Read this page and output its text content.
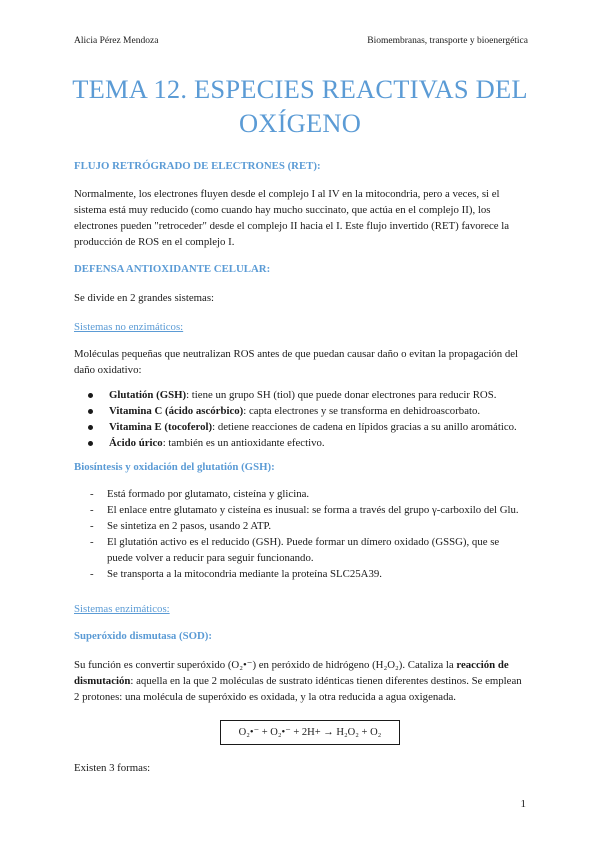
Alicia Pérez Mendoza	Biomembranas, transporte y bioenergética
TEMA 12. ESPECIES REACTIVAS DEL
OXÍGENO
FLUJO RETRÓGRADO DE ELECTRONES (RET):
Normalmente, los electrones fluyen desde el complejo I al IV en la mitocondria, pero a veces, si el sistema está muy reducido (como cuando hay mucho succinato, que actúa en el complejo II), los electrones pueden "retroceder" desde el complejo II hacia el I. Este flujo invertido (RET) favorece la producción de ROS en el complejo I.
DEFENSA ANTIOXIDANTE CELULAR:
Se divide en 2 grandes sistemas:
Sistemas no enzimáticos:
Moléculas pequeñas que neutralizan ROS antes de que puedan causar daño o evitan la propagación del daño oxidativo:
Glutatión (GSH): tiene un grupo SH (tiol) que puede donar electrones para reducir ROS.
Vitamina C (ácido ascórbico): capta electrones y se transforma en dehidroascorbato.
Vitamina E (tocoferol): detiene reacciones de cadena en lípidos gracias a su anillo aromático.
Ácido úrico: también es un antioxidante efectivo.
Biosíntesis y oxidación del glutatión (GSH):
- Está formado por glutamato, cisteína y glicina.
- El enlace entre glutamato y cisteína es inusual: se forma a través del grupo γ-carboxilo del Glu.
- Se sintetiza en 2 pasos, usando 2 ATP.
- El glutatión activo es el reducido (GSH). Puede formar un dímero oxidado (GSSG), que se puede volver a reducir para seguir funcionando.
- Se transporta a la mitocondria mediante la proteína SLC25A39.
Sistemas enzimáticos:
Superóxido dismutasa (SOD):
Su función es convertir superóxido (O₂•⁻) en peróxido de hidrógeno (H₂O₂). Cataliza la reacción de dismutación: aquella en la que 2 moléculas de sustrato idénticas tienen diferentes destinos. Se emplean 2 protones: una molécula de superóxido es oxidada, y la otra reducida a agua oxigenada.
O₂•⁻ + O₂•⁻ + 2H+ → H₂O₂ + O₂
Existen 3 formas:
1
